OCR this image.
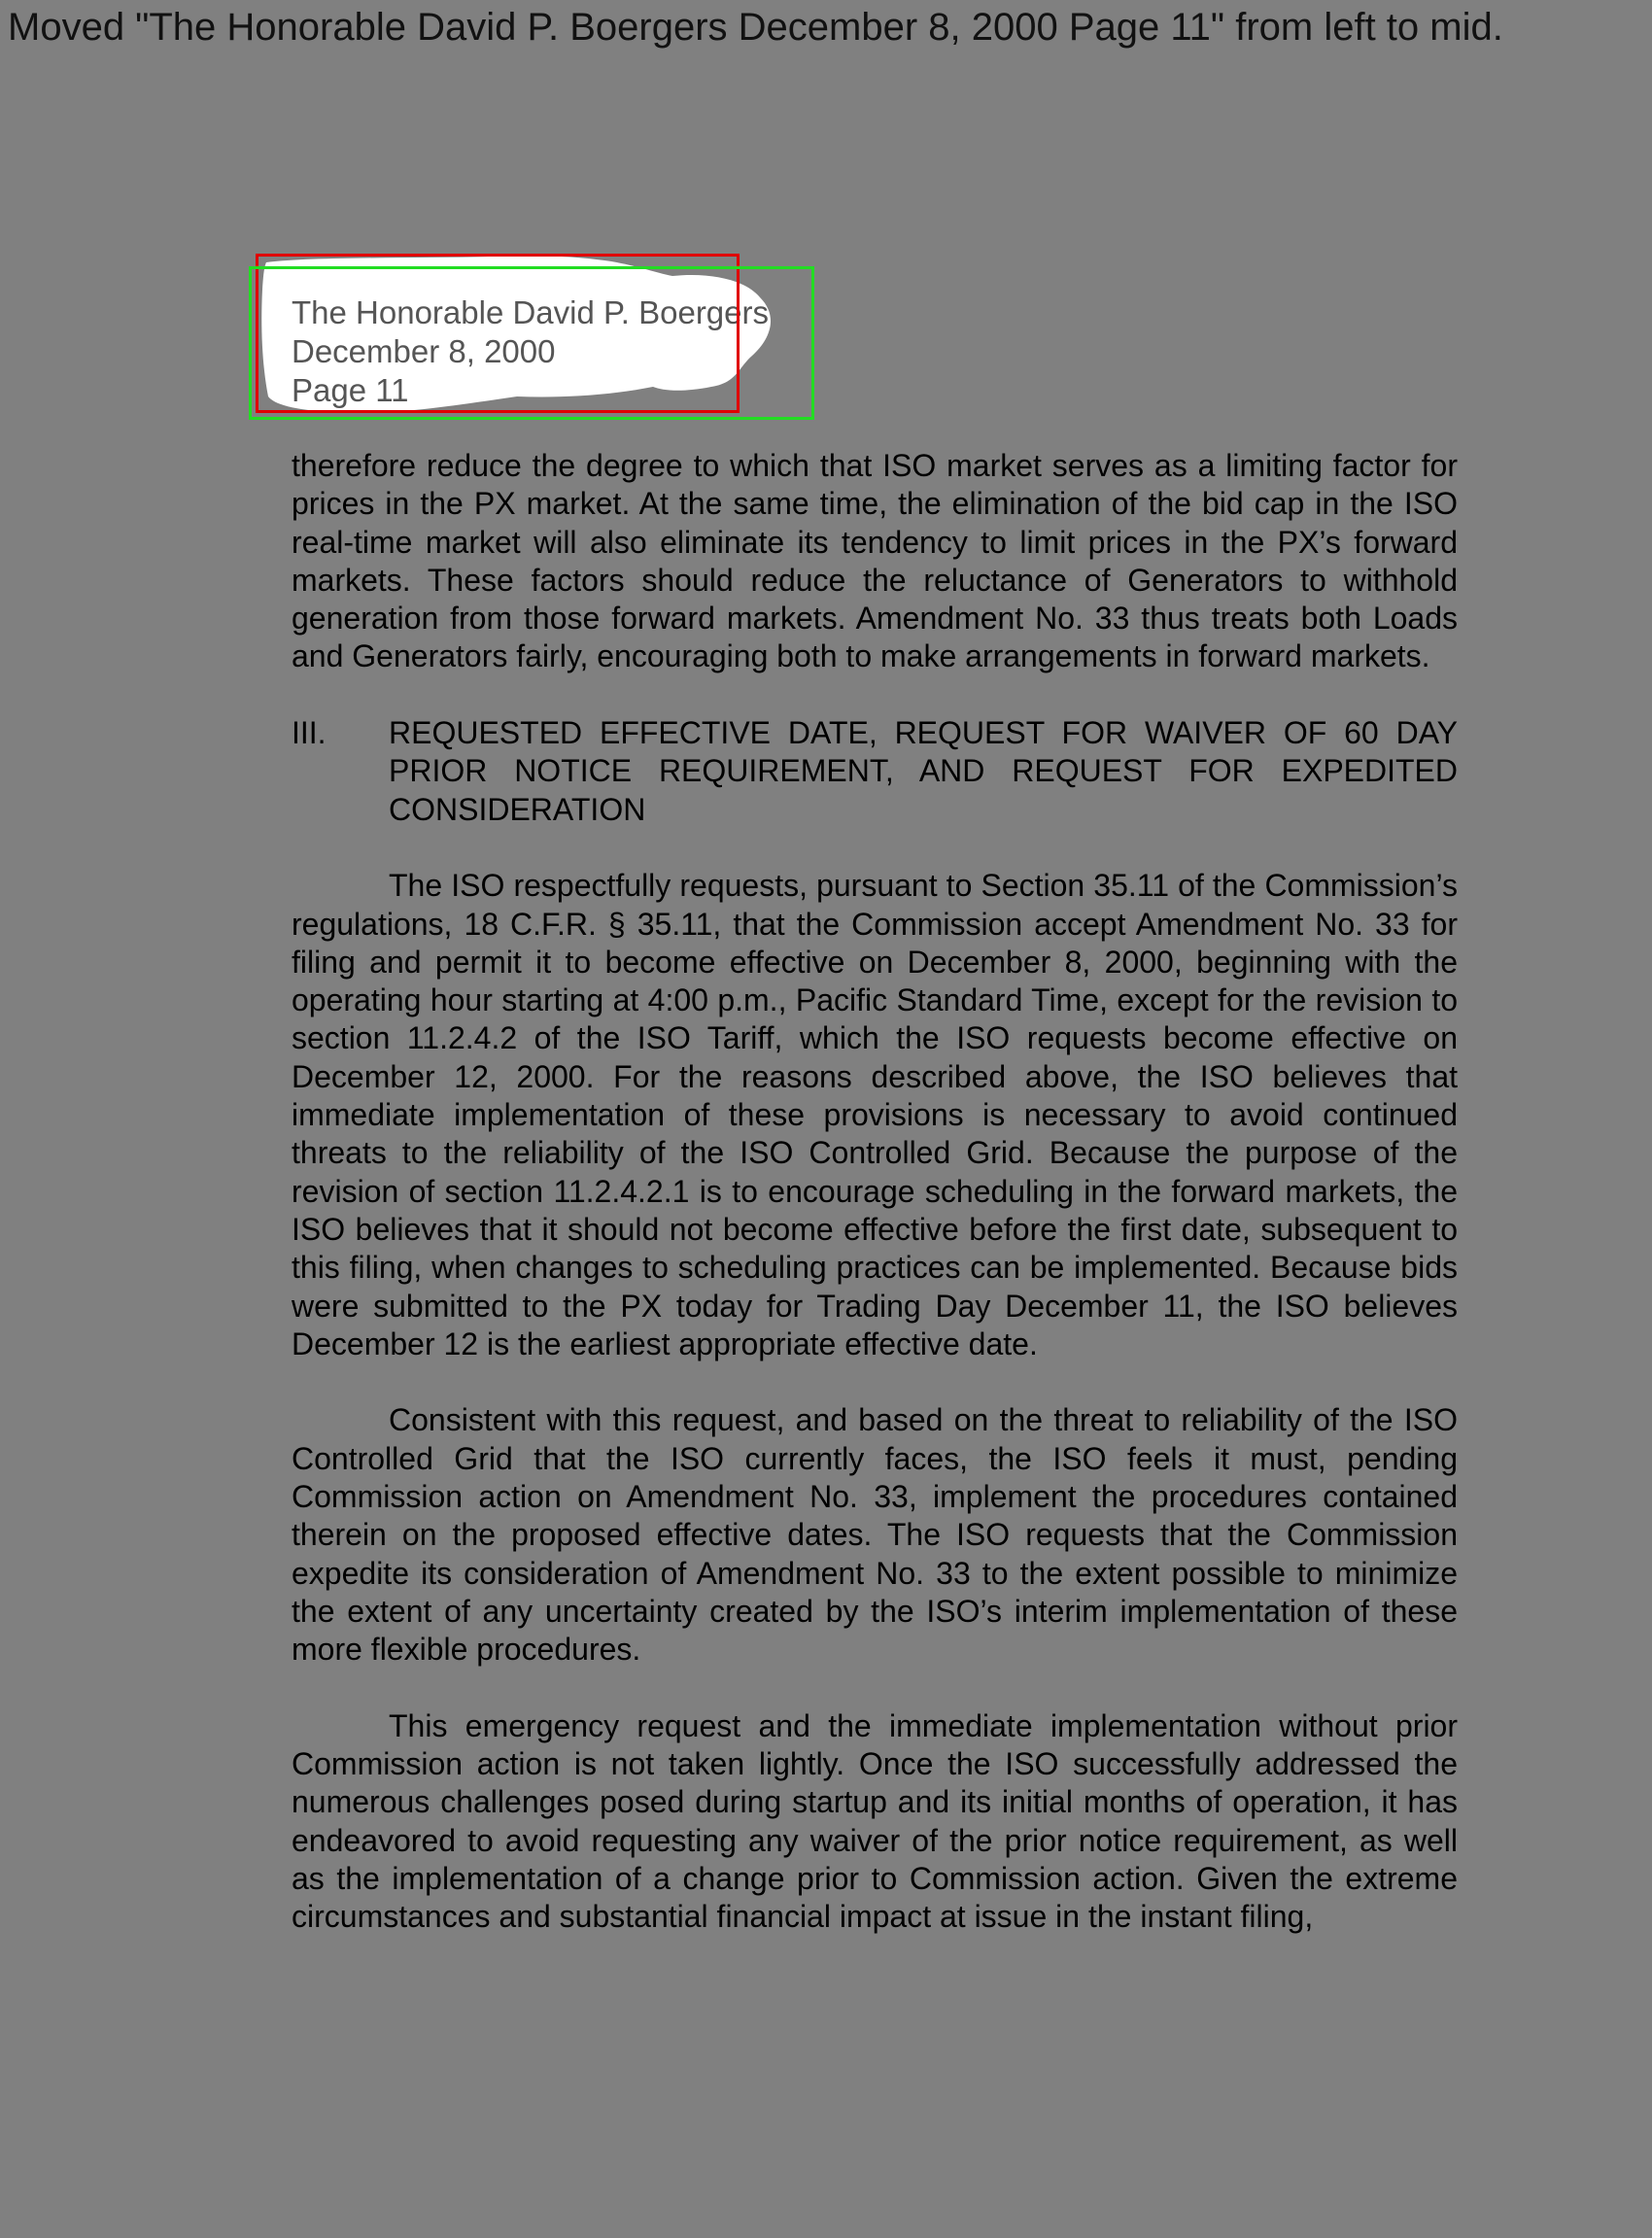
Moved "The Honorable David P. Boergers December 8, 2000 Page 11" from left to mid.
The Honorable David P. Boergers
December 8, 2000
Page 11

therefore reduce the degree to which that ISO market serves as a limiting factor for prices in the PX market. At the same time, the elimination of the bid cap in the ISO real-time market will also eliminate its tendency to limit prices in the PX’s forward markets. These factors should reduce the reluctance of Generators to withhold generation from those forward markets. Amendment No. 33 thus treats both Loads and Generators fairly, encouraging both to make arrangements in forward markets.

III.	REQUESTED EFFECTIVE DATE, REQUEST FOR WAIVER OF 60 DAY PRIOR NOTICE REQUIREMENT, AND REQUEST FOR EXPEDITED CONSIDERATION

The ISO respectfully requests, pursuant to Section 35.11 of the Commission’s regulations, 18 C.F.R. § 35.11, that the Commission accept Amendment No. 33 for filing and permit it to become effective on December 8, 2000, beginning with the operating hour starting at 4:00 p.m., Pacific Standard Time, except for the revision to section 11.2.4.2 of the ISO Tariff, which the ISO requests become effective on December 12, 2000. For the reasons described above, the ISO believes that immediate implementation of these provisions is necessary to avoid continued threats to the reliability of the ISO Controlled Grid. Because the purpose of the revision of section 11.2.4.2.1 is to encourage scheduling in the forward markets, the ISO believes that it should not become effective before the first date, subsequent to this filing, when changes to scheduling practices can be implemented. Because bids were submitted to the PX today for Trading Day December 11, the ISO believes December 12 is the earliest appropriate effective date.

Consistent with this request, and based on the threat to reliability of the ISO Controlled Grid that the ISO currently faces, the ISO feels it must, pending Commission action on Amendment No. 33, implement the procedures contained therein on the proposed effective dates. The ISO requests that the Commission expedite its consideration of Amendment No. 33 to the extent possible to minimize the extent of any uncertainty created by the ISO’s interim implementation of these more flexible procedures.

This emergency request and the immediate implementation without prior Commission action is not taken lightly. Once the ISO successfully addressed the numerous challenges posed during startup and its initial months of operation, it has endeavored to avoid requesting any waiver of the prior notice requirement, as well as the implementation of a change prior to Commission action. Given the extreme circumstances and substantial financial impact at issue in the instant filing,
